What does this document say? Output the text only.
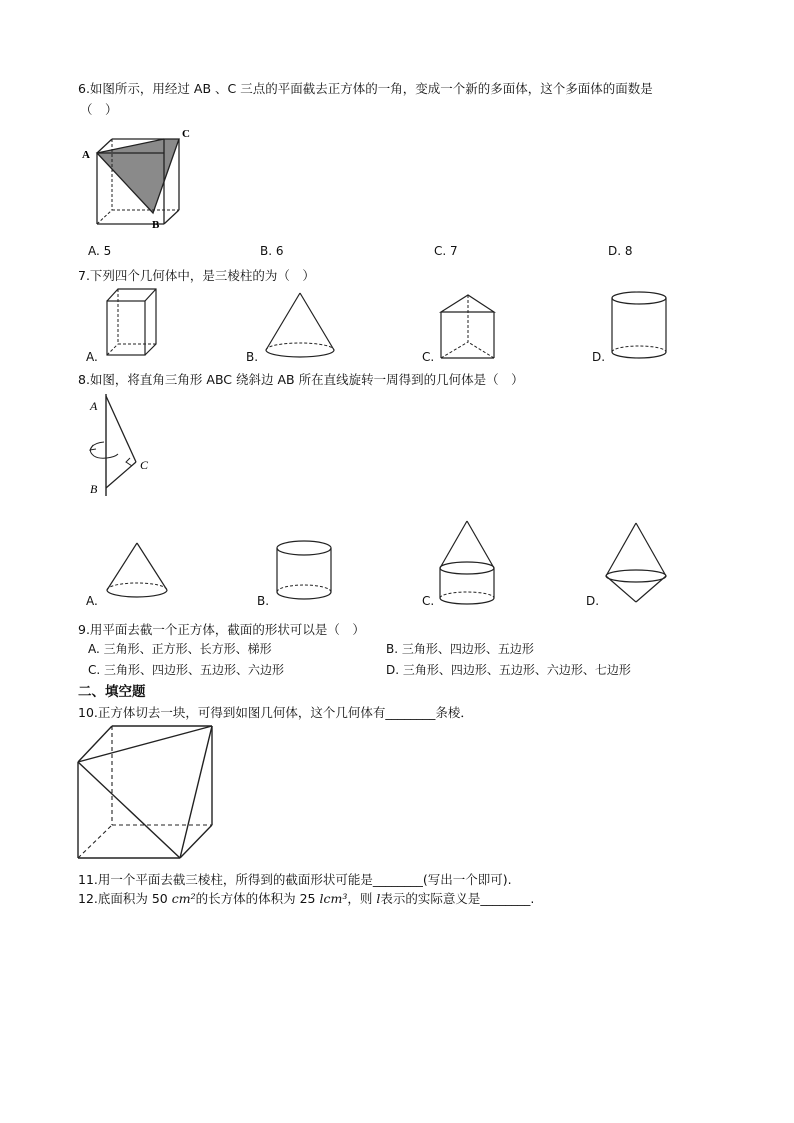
6.如图所示，用经过 AB 、C 三点的平面截去正方体的一角，变成一个新的多面体，这个多面体的面数是
（　）
A
C
B
A. 5	B. 6	C. 7	D. 8
7.下列四个几何体中，是三棱柱的为（　）
A.	B.	C.	D.
8.如图，将直角三角形 ABC 绕斜边 AB 所在直线旋转一周得到的几何体是（　）
A
C
B
A.	B.	C.	D.
9.用平面去截一个正方体，截面的形状可以是（　）
A. 三角形、正方形、长方形、梯形	B. 三角形、四边形、五边形
C. 三角形、四边形、五边形、六边形	D. 三角形、四边形、五边形、六边形、七边形
二、填空题
10.正方体切去一块，可得到如图几何体，这个几何体有________条棱．
11.用一个平面去截三棱柱，所得到的截面形状可能是________(写出一个即可).
12.底面积为 50 cm²的长方体的体积为 25 lcm³，则 l表示的实际意义是________.
